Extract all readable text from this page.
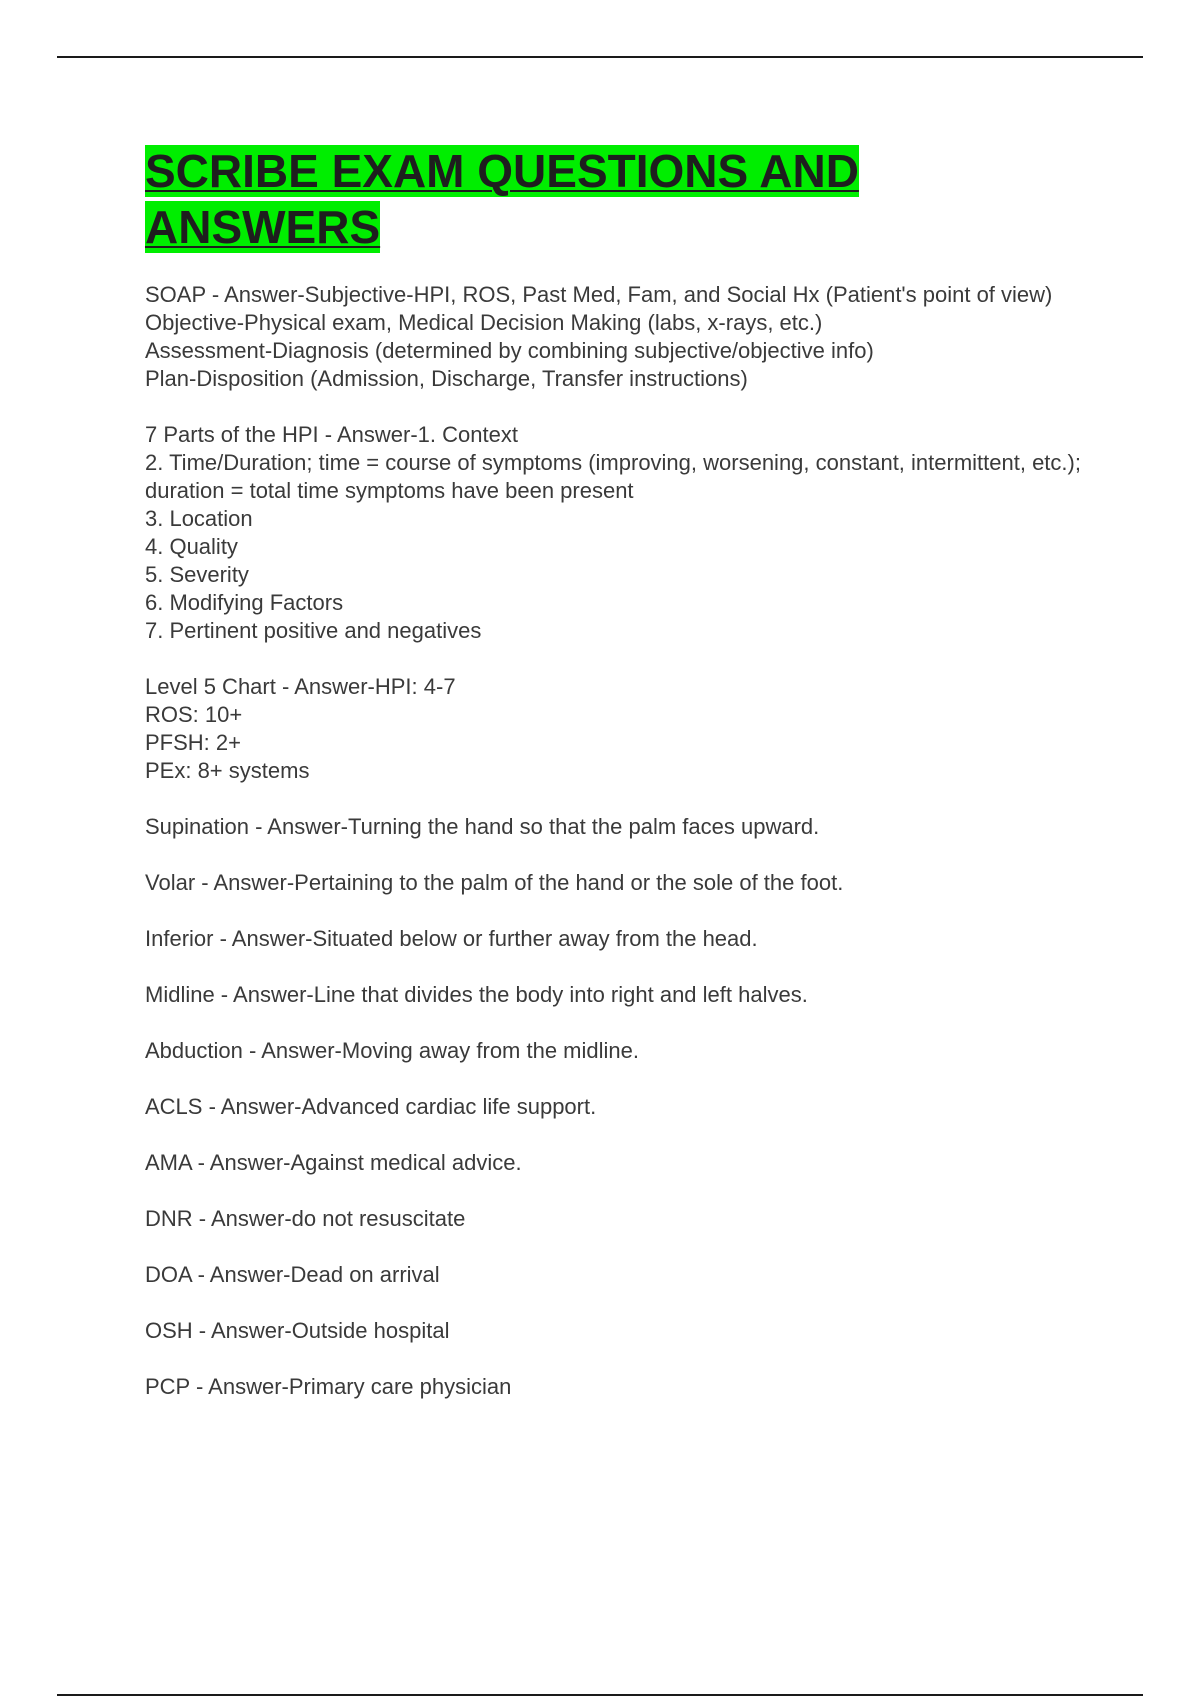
SCRIBE EXAM QUESTIONS AND ANSWERS
SOAP - Answer-Subjective-HPI, ROS, Past Med, Fam, and Social Hx (Patient's point of view)
Objective-Physical exam, Medical Decision Making (labs, x-rays, etc.)
Assessment-Diagnosis (determined by combining subjective/objective info)
Plan-Disposition (Admission, Discharge, Transfer instructions)
7 Parts of the HPI - Answer-1. Context
2. Time/Duration; time = course of symptoms (improving, worsening, constant, intermittent, etc.); duration = total time symptoms have been present
3. Location
4. Quality
5. Severity
6. Modifying Factors
7. Pertinent positive and negatives
Level 5 Chart - Answer-HPI: 4-7
ROS: 10+
PFSH: 2+
PEx: 8+ systems
Supination - Answer-Turning the hand so that the palm faces upward.
Volar - Answer-Pertaining to the palm of the hand or the sole of the foot.
Inferior - Answer-Situated below or further away from the head.
Midline - Answer-Line that divides the body into right and left halves.
Abduction - Answer-Moving away from the midline.
ACLS - Answer-Advanced cardiac life support.
AMA - Answer-Against medical advice.
DNR - Answer-do not resuscitate
DOA - Answer-Dead on arrival
OSH - Answer-Outside hospital
PCP - Answer-Primary care physician
